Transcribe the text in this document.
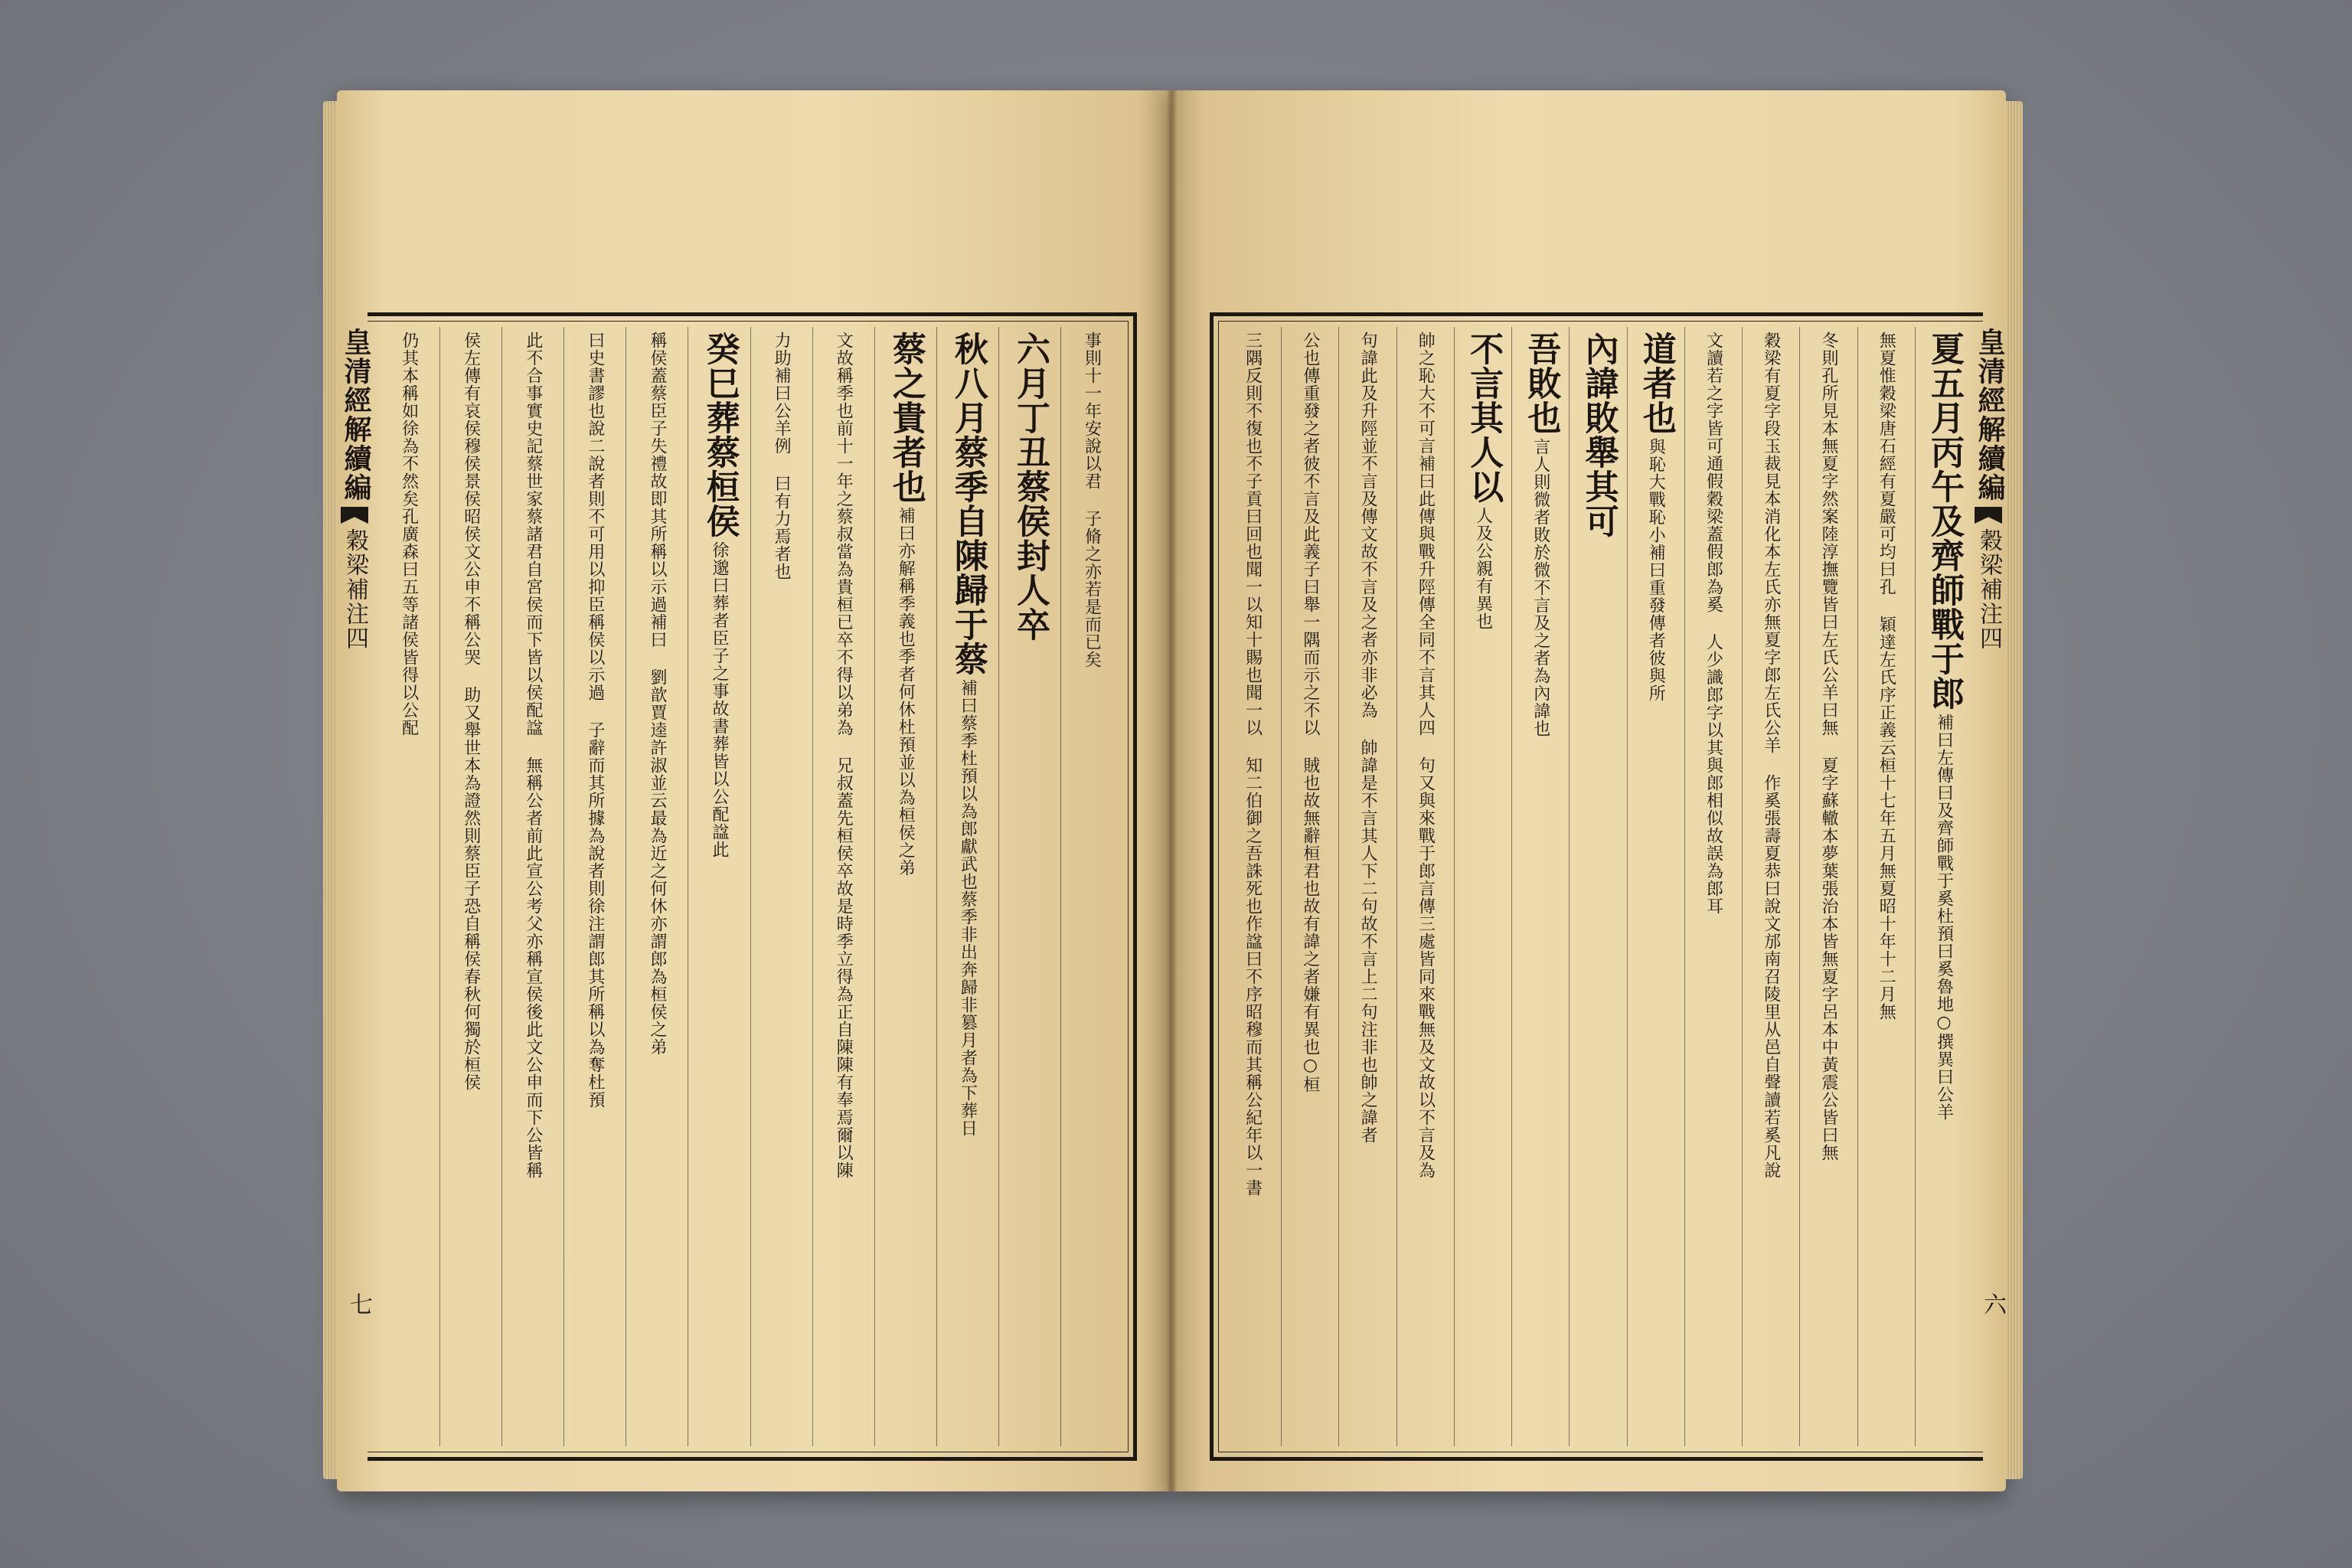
皇清經解續編
穀梁補注四
七
事則十一年安說以君 子脩之亦若是而已矣
六月丁丑蔡侯封人卒
秋八月蔡季自陳歸于蔡
補曰蔡季杜預以為郎獻武也蔡季非出奔歸非篡月者為下葬日
蔡之貴者也
補曰亦解稱季義也季者何休杜預並以為桓侯之弟
文故稱季也前十一年之蔡叔當為貴桓已卒不得以弟為 兄叔蓋先桓侯卒故是時季立得為正自陳陳有奉焉爾以陳
力助補曰公羊例 曰有力焉者也
癸巳葬蔡桓侯
徐邈曰葬者臣子之事故書葬皆以公配諡此
稱侯蓋蔡臣子失禮故即其所稱以示過補曰 劉歆賈逵許淑並云最為近之何休亦謂郎為桓侯之弟
曰史書謬也說二說者則不可用以抑臣稱侯以示過 子辭而其所據為說者則徐注謂郎其所稱以為奪杜預
此不合事實史記蔡世家蔡諸君自宮侯而下皆以侯配諡 無稱公者前此宣公考父亦稱宣侯後此文公申而下公皆稱
侯左傳有哀侯穆侯景侯昭侯文公申不稱公哭 助又舉世本為證然則蔡臣子恐自稱侯春秋何獨於桓侯
仍其本稱如徐為不然矣孔廣森曰五等諸侯皆得以公配	皇清經解續編
穀梁補注四
六
夏五月丙午及齊師戰于郎
補曰左傳曰及齊師戰于奚杜預曰奚魯地○撰異曰公羊
無夏惟穀梁唐石經有夏嚴可均曰孔 穎達左氏序正義云桓十七年五月無夏昭十年十二月無
冬則孔所見本無夏字然案陸淳撫覽皆曰左氏公羊曰無 夏字蘇轍本夢葉張治本皆無夏字呂本中黃震公皆曰無
穀梁有夏字段玉裁見本消化本左氏亦無夏字郎左氏公羊 作奚張壽夏恭曰說文邡南召陵里从邑自聲讀若奚凡說
文讀若之字皆可通假穀梁蓋假郎為奚 人少識郎字以其與郎相似故誤為郎耳
道者也
與恥大戰恥小補曰重發傳者彼與所
內諱敗舉其可
吾敗也
言人則微者敗於微不言及之者為內諱也
不言其人以
人及公親有異也
帥之恥大不可言補曰此傳與戰升陘傳全同不言其人四 句又與來戰于郎言傳三處皆同來戰無及文故以不言及為
句諱此及升陘並不言及傳文故不言及之者亦非必為 帥諱是不言其人下二句故不言上二句注非也帥之諱者
公也傳重發之者彼不言及此義子曰舉一隅而示之不以 賊也故無辭桓君也故有諱之者嫌有異也○桓
三隅反則不復也不子貢曰回也聞一以知十賜也聞一以 知二伯御之吾誅死也作諡曰不序昭穆而其稱公紀年以一書
